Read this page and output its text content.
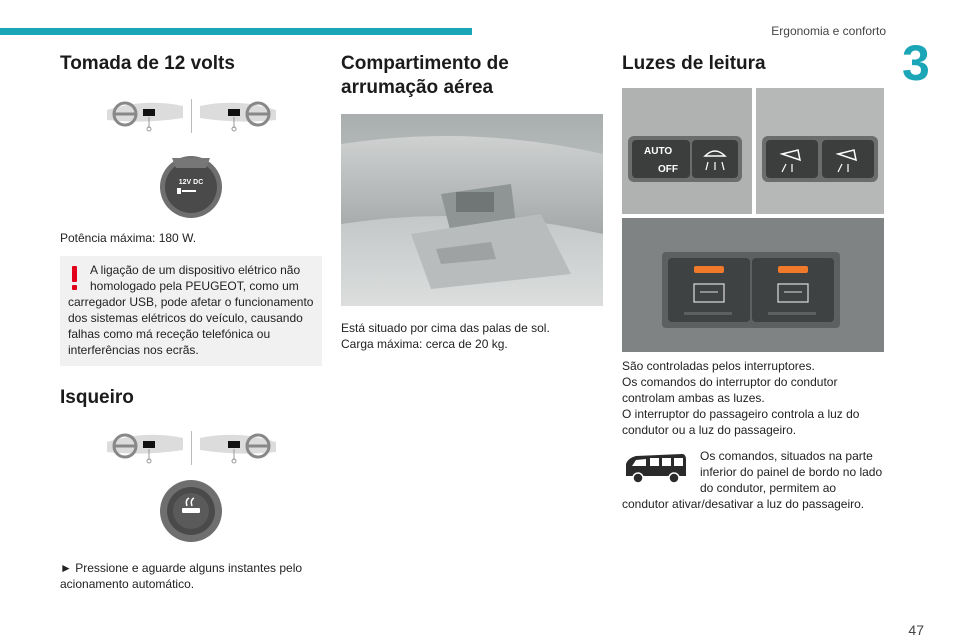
Ergonomia e conforto
3
Tomada de 12 volts
12V DC

Potência máxima: 180 W.

A ligação de um dispositivo elétrico não homologado pela PEUGEOT, como um

carregador USB, pode afetar o funcionamento dos sistemas elétricos do veículo, causando falhas como má receção telefónica ou interferências nos ecrãs.

Isqueiro

► Pressione e aguarde alguns instantes pelo acionamento automático.

Compartimento de arrumação aérea

Está situado por cima das palas de sol.

Carga máxima: cerca de 20 kg.

Luzes de leitura
AUTO
OFF

São controladas pelos interruptores.

Os comandos do interruptor do condutor controlam ambas as luzes.

O interruptor do passageiro controla a luz do condutor ou a luz do passageiro.

Os comandos, situados na parte inferior do painel de bordo no lado do condutor, permitem ao condutor ativar/desativar a luz do passageiro.

47
